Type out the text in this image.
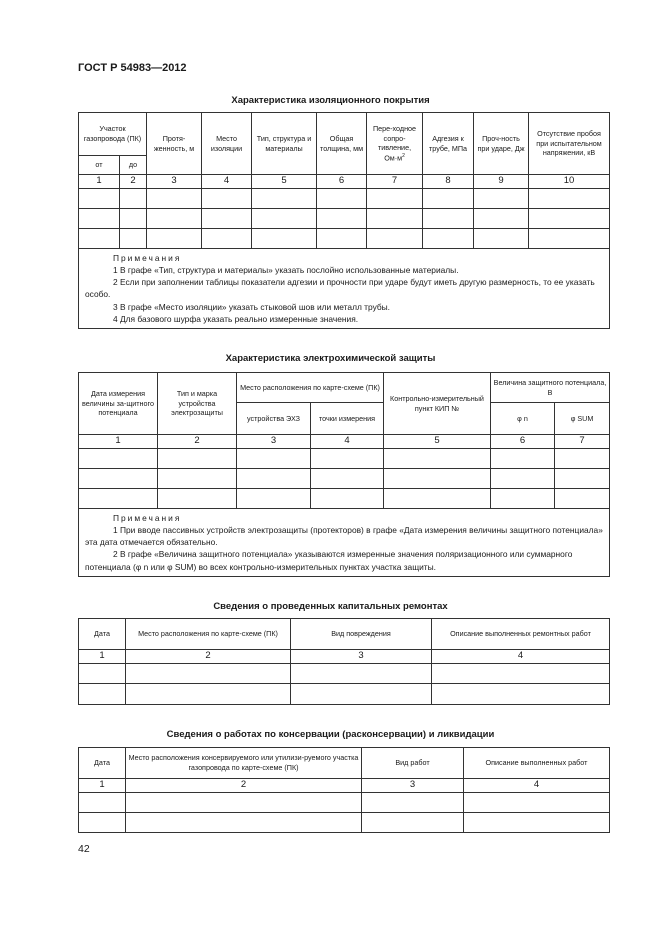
ГОСТ Р 54983—2012
Характеристика изоляционного покрытия
Участок газопровода (ПК)		Протя-женность, м	Место изоляции	Тип, структура и материалы	Общая толщина, мм	Пере-ходное сопро-тивление, $Ом\cdot м^2$	Адгезия к трубе, МПа	Проч-ность при ударе, Дж	Отсутствие пробоя при испытательном напряжении, кВ
от	до								
1	2	3	4	5	6	7	8	9	10

Примечания
1 В графе «Тип, структура и материалы» указать послойно использованные материалы.
2 Если при заполнении таблицы показатели адгезии и прочности при ударе будут иметь другую размерность, то ее указать особо.
3 В графе «Место изоляции» указать стыковой шов или металл трубы.
4 Для базового шурфа указать реально измеренные значения.									
Характеристика электрохимической защиты
Дата измерения величины за-щитного потенциала	Тип и марка устройства электрозащиты	Место расположения по карте-схеме (ПК)		Контрольно-измерительный пункт КИП №	Величина защитного потенциала, В	
		устройства ЭХЗ	точки измерения		φ n	φ SUM
1	2	3	4	5	6	7

Примечания
1 При вводе пассивных устройств электрозащиты (протекторов) в графе «Дата измерения величины защитного потенциала» эта дата отмечается обязательно.
2 В графе «Величина защитного потенциала» указываются измеренные значения поляризационного или суммарного потенциала (φ n или φ SUM) во всех контрольно-измерительных пунктах участка защиты.						
Сведения о проведенных капитальных ремонтах
Дата	Место расположения по карте-схеме (ПК)	Вид повреждения	Описание выполненных ремонтных работ
1	2	3	4

Сведения о работах по консервации (расконсервации) и ликвидации
Дата	Место расположения консервируемого или утилизи-руемого участка газопровода по карте-схеме (ПК)	Вид работ	Описание выполненных работ
1	2	3	4

42
